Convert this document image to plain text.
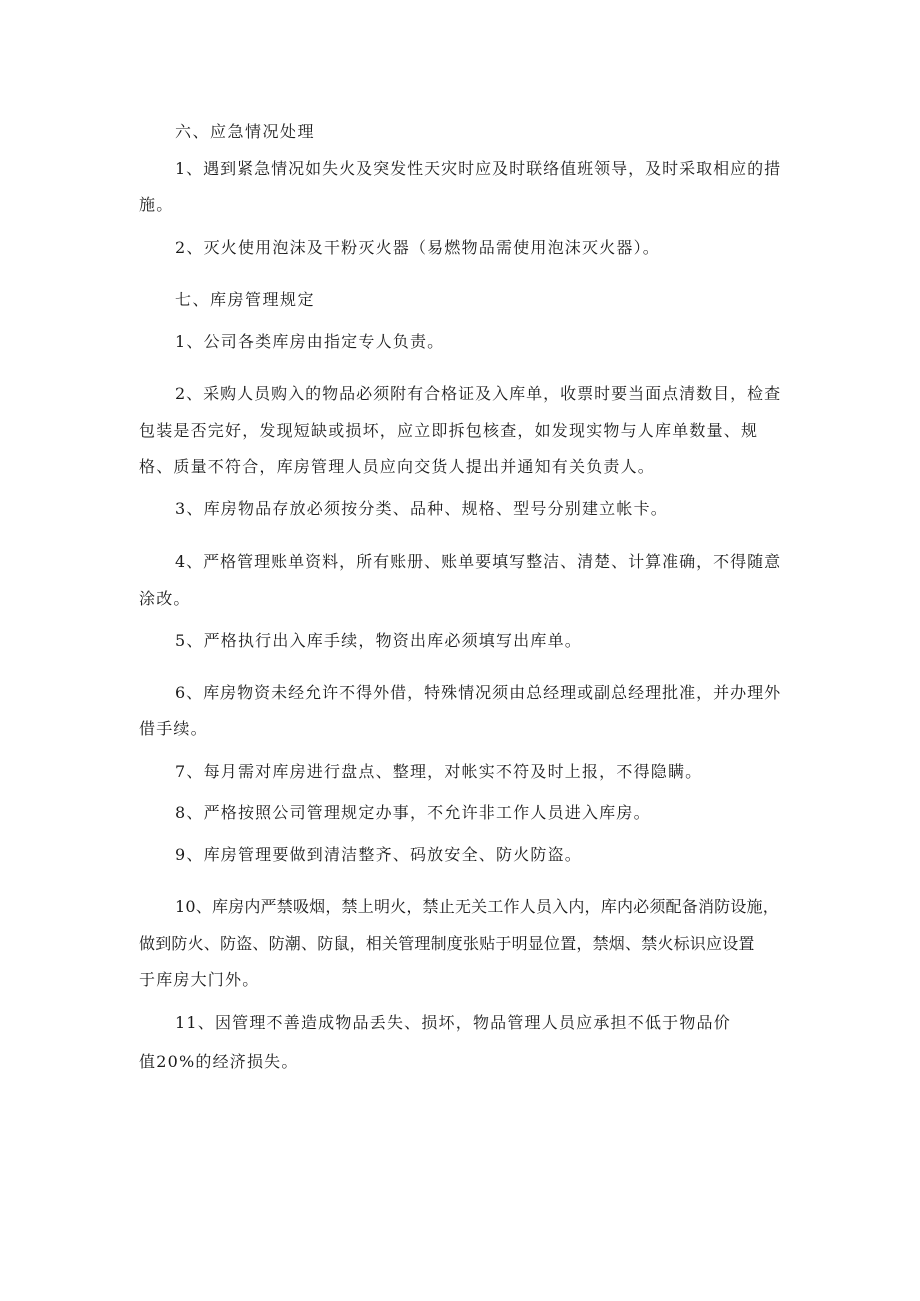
六、应急情况处理
1、遇到紧急情况如失火及突发性天灾时应及时联络值班领导，及时采取相应的措
施。
2、灭火使用泡沫及干粉灭火器（易燃物品需使用泡沫灭火器）。
七、库房管理规定
1、公司各类库房由指定专人负责。
2、采购人员购入的物品必须附有合格证及入库单，收票时要当面点清数目，检查
包装是否完好，发现短缺或损坏，应立即拆包核查，如发现实物与人库单数量、规
格、质量不符合，库房管理人员应向交货人提出并通知有关负责人。
3、库房物品存放必须按分类、品种、规格、型号分别建立帐卡。
4、严格管理账单资料，所有账册、账单要填写整洁、清楚、计算准确，不得随意
涂改。
5、严格执行出入库手续，物资出库必须填写出库单。
6、库房物资未经允许不得外借，特殊情况须由总经理或副总经理批准，并办理外
借手续。
7、每月需对库房进行盘点、整理，对帐实不符及时上报，不得隐瞒。
8、严格按照公司管理规定办事，不允许非工作人员进入库房。
9、库房管理要做到清洁整齐、码放安全、防火防盗。
10、库房内严禁吸烟，禁上明火，禁止无关工作人员入内，库内必须配备消防设施，
做到防火、防盗、防潮、防鼠，相关管理制度张贴于明显位置，禁烟、禁火标识应设置
于库房大门外。
11、因管理不善造成物品丢失、损坏，物品管理人员应承担不低于物品价
值20%的经济损失。
